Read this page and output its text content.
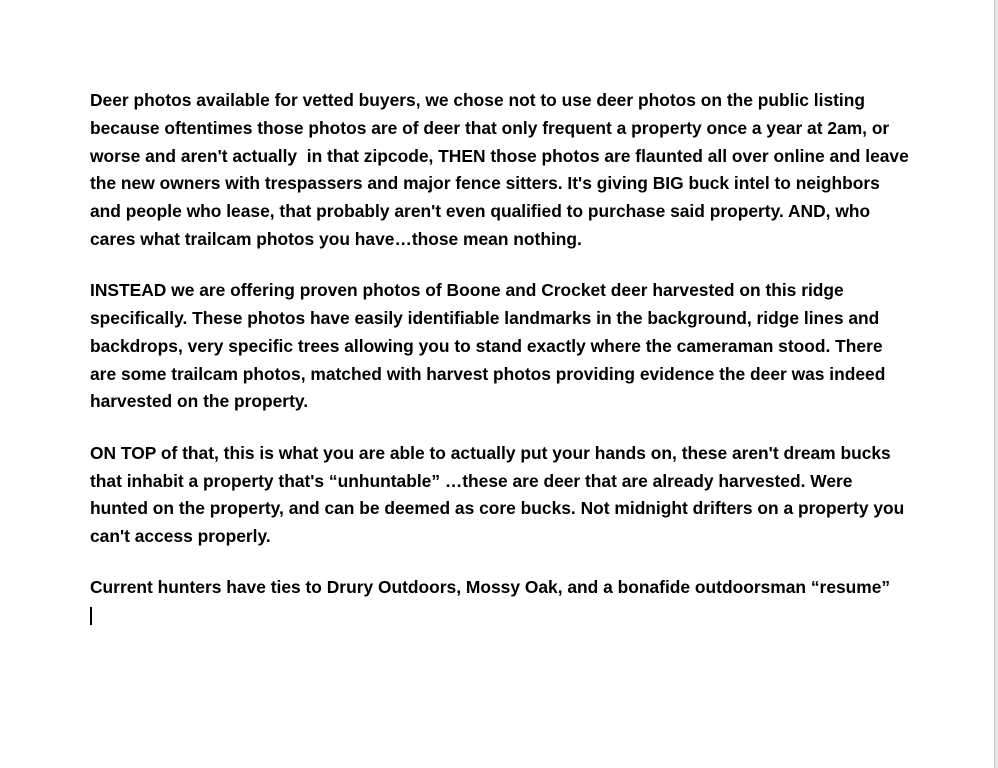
Deer photos available for vetted buyers, we chose not to use deer photos on the public listing because oftentimes those photos are of deer that only frequent a property once a year at 2am, or worse and aren't actually  in that zipcode, THEN those photos are flaunted all over online and leave the new owners with trespassers and major fence sitters. It's giving BIG buck intel to neighbors and people who lease, that probably aren't even qualified to purchase said property. AND, who cares what trailcam photos you have…those mean nothing.

INSTEAD we are offering proven photos of Boone and Crocket deer harvested on this ridge specifically. These photos have easily identifiable landmarks in the background, ridge lines and backdrops, very specific trees allowing you to stand exactly where the cameraman stood. There are some trailcam photos, matched with harvest photos providing evidence the deer was indeed harvested on the property.

ON TOP of that, this is what you are able to actually put your hands on, these aren't dream bucks that inhabit a property that's “unhuntable” …these are deer that are already harvested. Were hunted on the property, and can be deemed as core bucks. Not midnight drifters on a property you can't access properly.

Current hunters have ties to Drury Outdoors, Mossy Oak, and a bonafide outdoorsman “resume”
